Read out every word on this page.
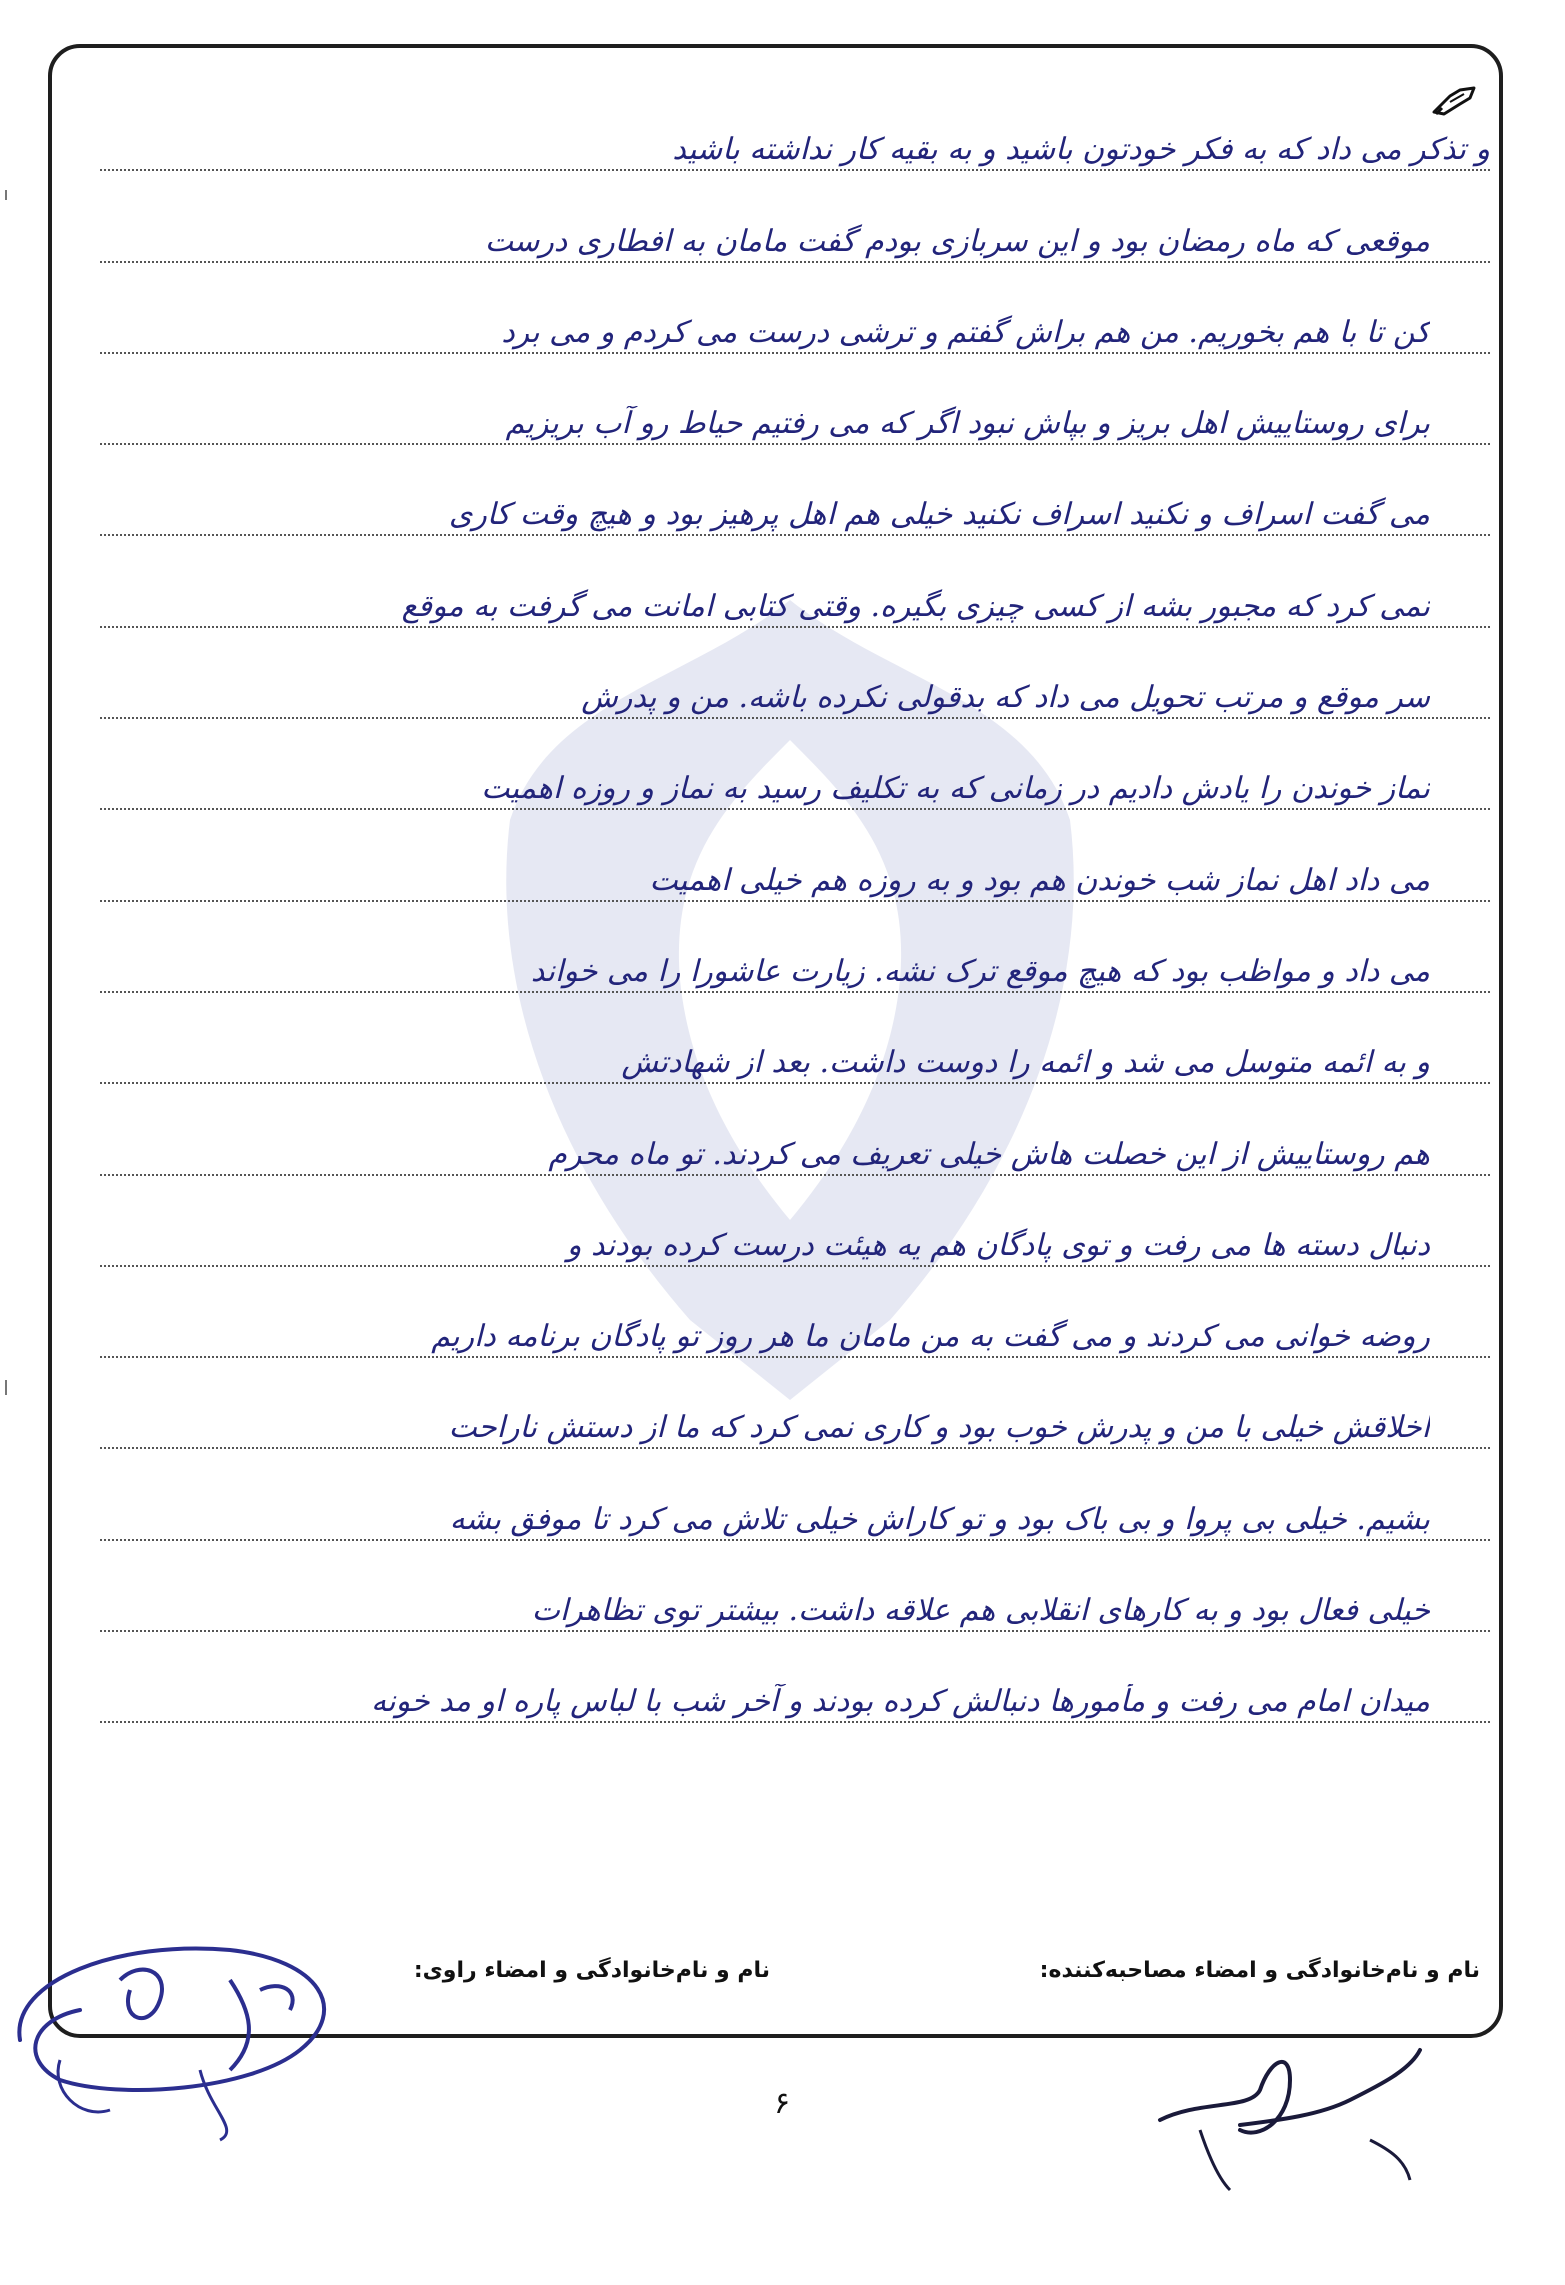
و تذکر می داد که به فکر خودتون باشید و به بقیه کار نداشته باشید
موقعی که ماه رمضان بود و این سربازی بودم گفت مامان به افطاری درست
کن تا با هم بخوریم. من هم براش گفتم و ترشی درست می کردم و می برد
برای روستاییش اهل بریز و بپاش نبود اگر که می رفتیم حیاط رو آب بریزیم
می گفت اسراف و نکنید اسراف نکنید خیلی هم اهل پرهیز بود و هیچ وقت کاری
نمی کرد که مجبور بشه از کسی چیزی بگیره. وقتی کتابی امانت می گرفت به موقع
سر موقع و مرتب تحویل می داد که بدقولی نکرده باشه. من و پدرش
نماز خوندن را یادش دادیم در زمانی که به تکلیف رسید به نماز و روزه اهمیت
می داد اهل نماز شب خوندن هم بود و به روزه هم خیلی اهمیت
می داد و مواظب بود که هیچ موقع ترک نشه. زیارت عاشورا را می خواند
و به ائمه متوسل می شد و ائمه را دوست داشت. بعد از شهادتش
هم روستاییش از این خصلت هاش خیلی تعریف می کردند. تو ماه محرم
دنبال دسته ها می رفت و توی پادگان هم یه هیئت درست کرده بودند و
روضه خوانی می کردند و می گفت به من مامان ما هر روز تو پادگان برنامه داریم
اخلاقش خیلی با من و پدرش خوب بود و کاری نمی کرد که ما از دستش ناراحت
بشیم. خیلی بی پروا و بی باک بود و تو کاراش خیلی تلاش می کرد تا موفق بشه
خیلی فعال بود و به کارهای انقلابی هم علاقه داشت. بیشتر توی تظاهرات
میدان امام می رفت و مأمورها دنبالش کرده بودند و آخر شب با لباس پاره او مد خونه
نام و نام‌خانوادگی و امضاء مصاحبه‌کننده:
نام و نام‌خانوادگی و امضاء راوی:
۶
